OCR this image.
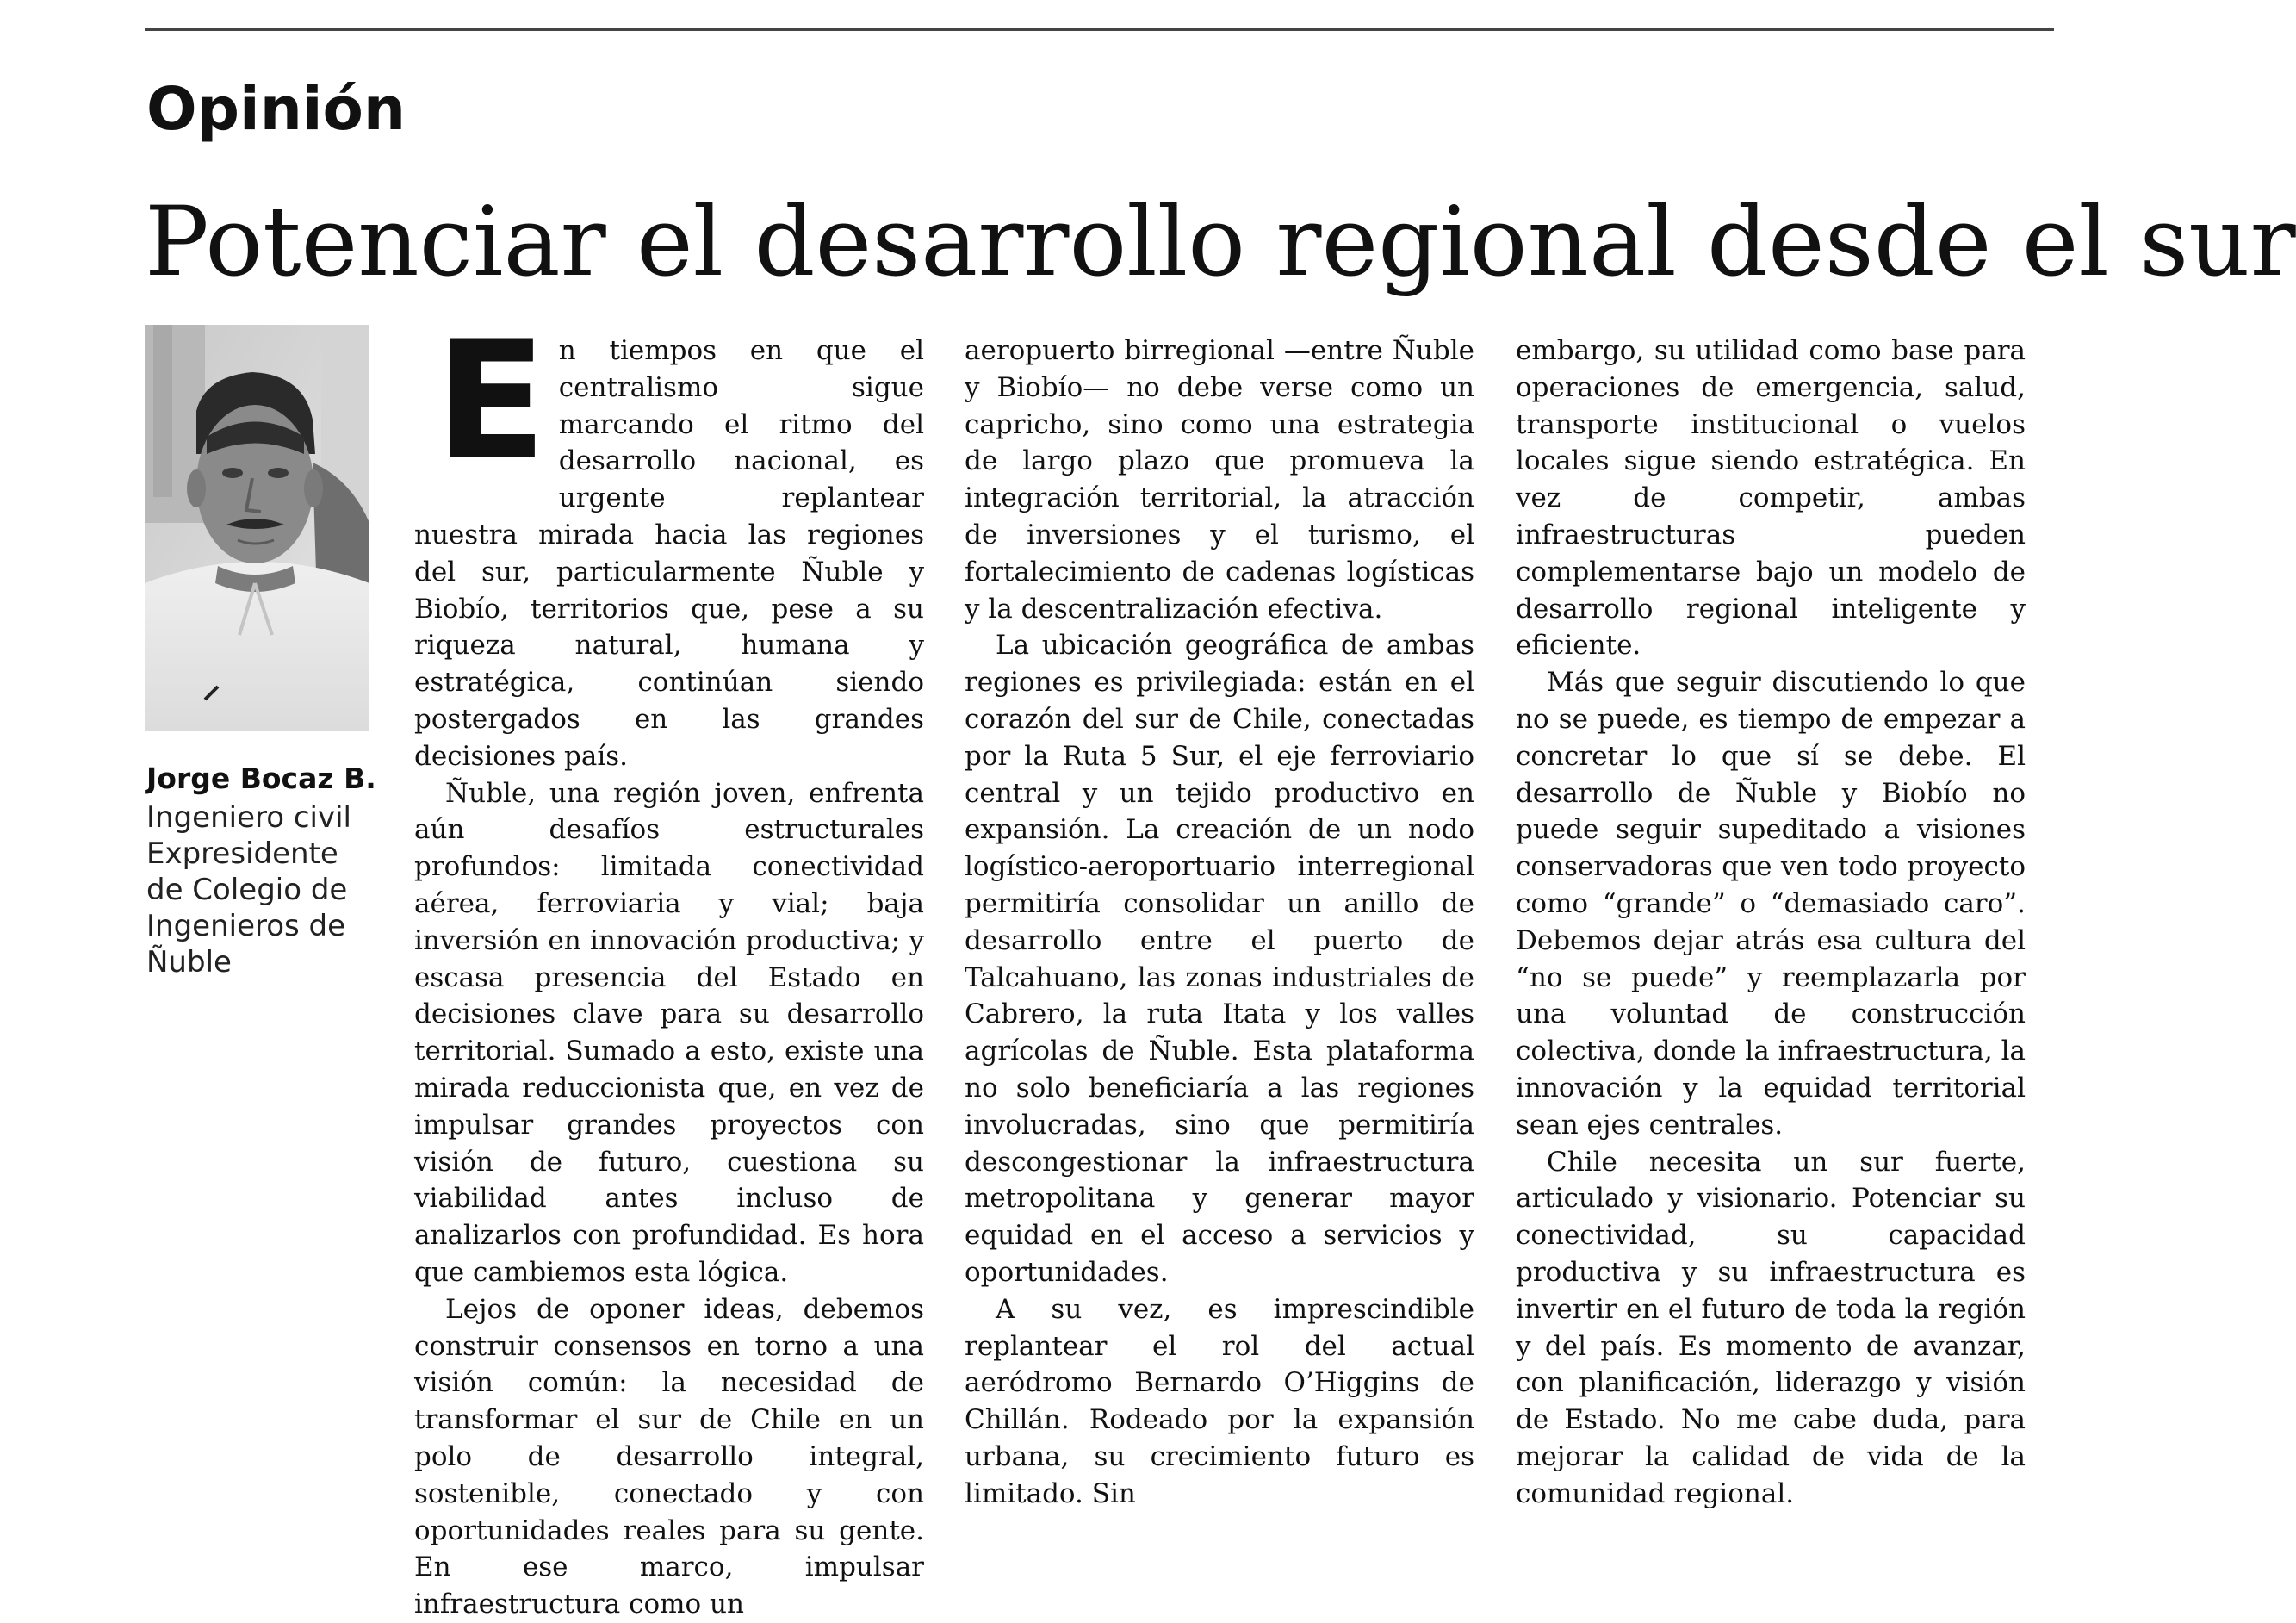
Opinión
Potenciar el desarrollo regional desde el sur
Jorge Bocaz B.
Ingeniero civil
Expresidente
de Colegio de
Ingenieros de
Ñuble
E n tiempos en que el centralismo sigue marcando el ritmo del desarrollo nacional, es urgente replantear nuestra mirada hacia las regiones del sur, particularmente Ñuble y Biobío, territorios que, pese a su riqueza natural, humana y estratégica, continúan siendo postergados en las grandes decisiones país.

Ñuble, una región joven, enfrenta aún desafíos estructurales profundos: limitada conectividad aérea, ferroviaria y vial; baja inversión en innovación productiva; y escasa presencia del Estado en decisiones clave para su desarrollo territorial. Sumado a esto, existe una mirada reduccionista que, en vez de impulsar grandes proyectos con visión de futuro, cuestiona su viabilidad antes incluso de analizarlos con profundidad. Es hora que cambiemos esta lógica.

Lejos de oponer ideas, debemos construir consensos en torno a una visión común: la necesidad de transformar el sur de Chile en un polo de desarrollo integral, sostenible, conectado y con oportunidades reales para su gente. En ese marco, impulsar infraestructura como un

aeropuerto birregional —entre Ñuble y Biobío— no debe verse como un capricho, sino como una estrategia de largo plazo que promueva la integración territorial, la atracción de inversiones y el turismo, el fortalecimiento de cadenas logísticas y la descentralización efectiva.

La ubicación geográfica de ambas regiones es privilegiada: están en el corazón del sur de Chile, conectadas por la Ruta 5 Sur, el eje ferroviario central y un tejido productivo en expansión. La creación de un nodo logístico-aeroportuario interregional permitiría consolidar un anillo de desarrollo entre el puerto de Talcahuano, las zonas industriales de Cabrero, la ruta Itata y los valles agrícolas de Ñuble. Esta plataforma no solo beneficiaría a las regiones involucradas, sino que permitiría descongestionar la infraestructura metropolitana y generar mayor equidad en el acceso a servicios y oportunidades.

A su vez, es imprescindible replantear el rol del actual aeródromo Bernardo O’Higgins de Chillán. Rodeado por la expansión urbana, su crecimiento futuro es limitado. Sin

embargo, su utilidad como base para operaciones de emergencia, salud, transporte institucional o vuelos locales sigue siendo estratégica. En vez de competir, ambas infraestructuras pueden complementarse bajo un modelo de desarrollo regional inteligente y eficiente.

Más que seguir discutiendo lo que no se puede, es tiempo de empezar a concretar lo que sí se debe. El desarrollo de Ñuble y Biobío no puede seguir supeditado a visiones conservadoras que ven todo proyecto como “grande” o “demasiado caro”. Debemos dejar atrás esa cultura del “no se puede” y reemplazarla por una voluntad de construcción colectiva, donde la infraestructura, la innovación y la equidad territorial sean ejes centrales.

Chile necesita un sur fuerte, articulado y visionario. Potenciar su conectividad, su capacidad productiva y su infraestructura es invertir en el futuro de toda la región y del país. Es momento de avanzar, con planificación, liderazgo y visión de Estado. No me cabe duda, para mejorar la calidad de vida de la comunidad regional.
